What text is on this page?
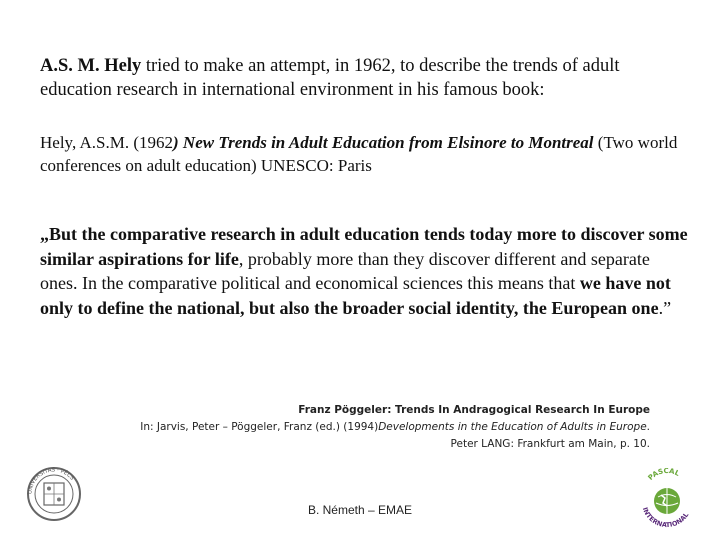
A.S. M. Hely tried to make an attempt, in 1962, to describe the trends of adult education research in international environment in his famous book:
Hely, A.S.M. (1962) New Trends in Adult Education from Elsinore to Montreal (Two world conferences on adult education) UNESCO: Paris
„But the comparative research in adult education tends today more to discover some similar aspirations for life, probably more than they discover different and separate ones. In the comparative political and economical sciences this means that we have not only to define the national, but also the broader social identity, the European one.”
Franz Pöggeler: Trends In Andragogical Research In Europe
In: Jarvis, Peter – Pöggeler, Franz (ed.) (1994)Developments in the Education of Adults in Europe.
Peter LANG: Frankfurt am Main, p. 10.
B. Németh – EMAE
UNIVERSITAS · PÉCS	PASCAL
INTERNATIONAL
